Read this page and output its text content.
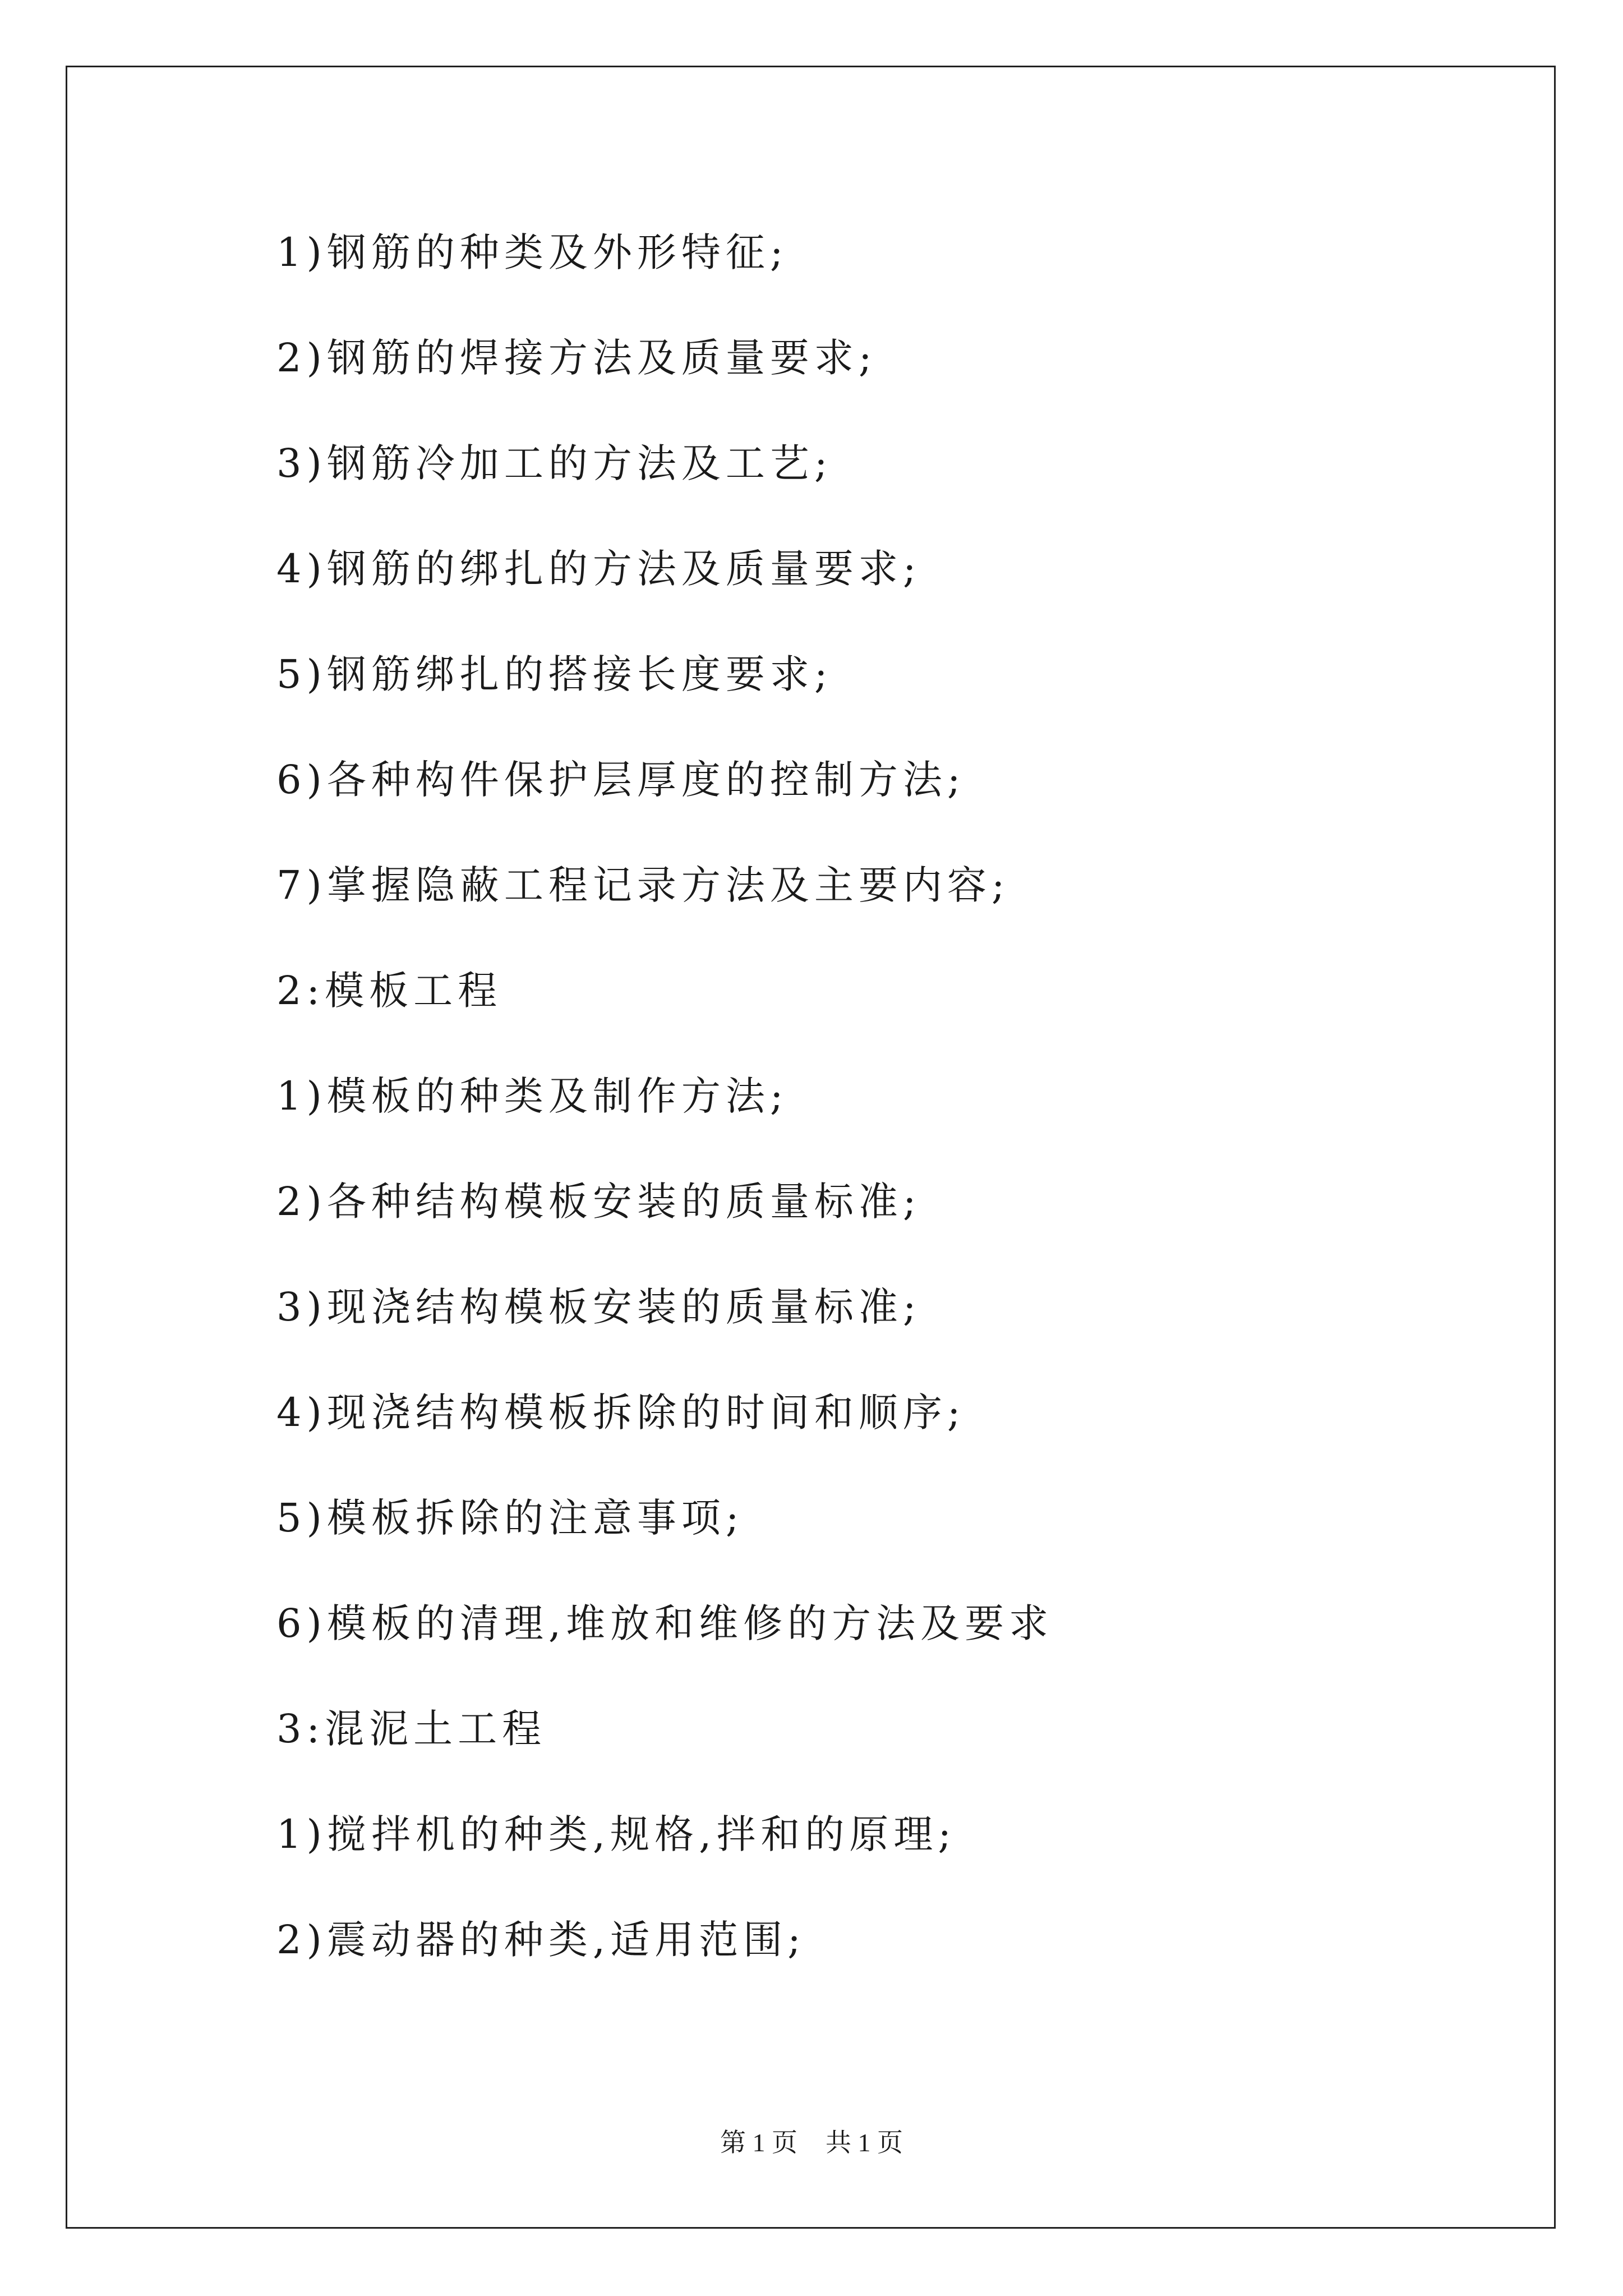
1)钢筋的种类及外形特征;
2)钢筋的焊接方法及质量要求;
3)钢筋冷加工的方法及工艺;
4)钢筋的绑扎的方法及质量要求;
5)钢筋绑扎的搭接长度要求;
6)各种构件保护层厚度的控制方法;
7)掌握隐蔽工程记录方法及主要内容;
2:模板工程
1)模板的种类及制作方法;
2)各种结构模板安装的质量标准;
3)现浇结构模板安装的质量标准;
4)现浇结构模板拆除的时间和顺序;
5)模板拆除的注意事项;
6)模板的清理,堆放和维修的方法及要求
3:混泥土工程
1)搅拌机的种类,规格,拌和的原理;
2)震动器的种类,适用范围;
第 1 页 共 1 页
